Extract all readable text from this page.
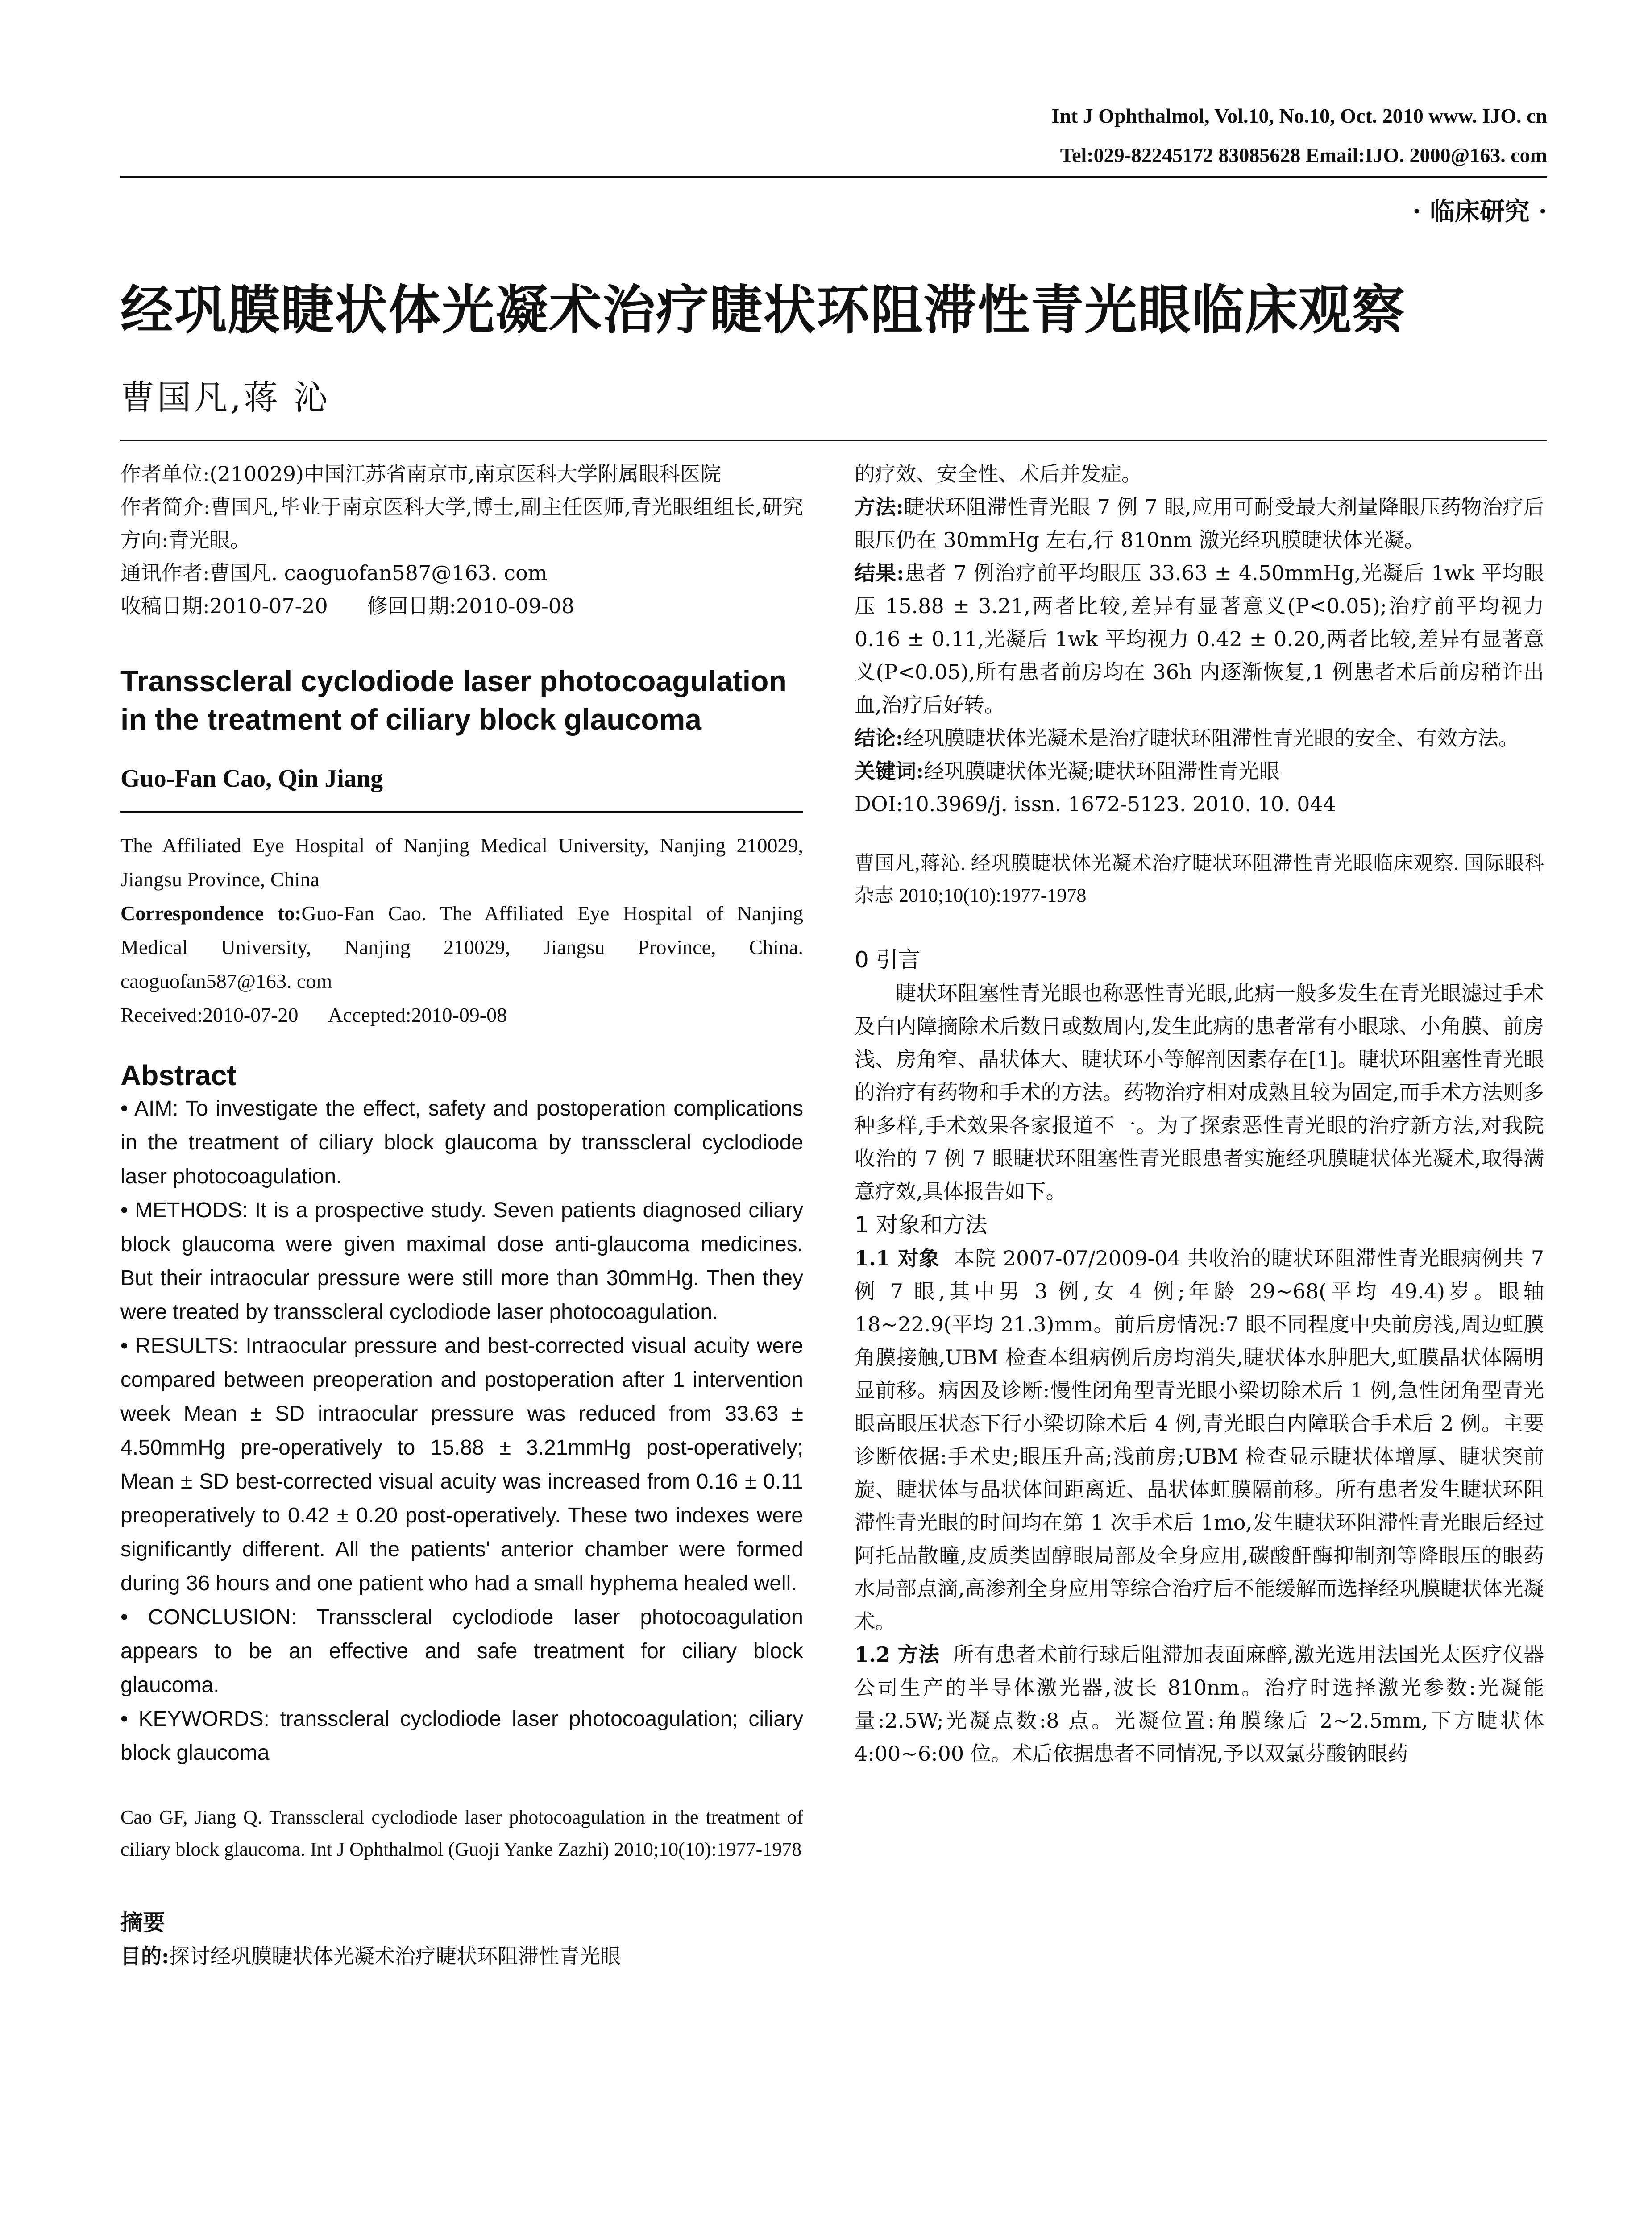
Int J Ophthalmol, Vol.10, No.10, Oct. 2010 www. IJO. cn
Tel:029-82245172 83085628 Email:IJO. 2000@163. com
· 临床研究 ·
经巩膜睫状体光凝术治疗睫状环阻滞性青光眼临床观察
曹国凡,蒋 沁

作者单位:(210029)中国江苏省南京市,南京医科大学附属眼科医院

作者简介:曹国凡,毕业于南京医科大学,博士,副主任医师,青光眼组组长,研究方向:青光眼。

通讯作者:曹国凡. caoguofan587@163. com

收稿日期:2010-07-20      修回日期:2010-09-08

Transscleral cyclodiode laser photocoagulation in the treatment of ciliary block glaucoma

Guo-Fan Cao, Qin Jiang

The Affiliated Eye Hospital of Nanjing Medical University, Nanjing 210029, Jiangsu Province, China

Correspondence to:Guo-Fan Cao. The Affiliated Eye Hospital of Nanjing Medical University, Nanjing 210029, Jiangsu Province, China. caoguofan587@163. com

Received:2010-07-20      Accepted:2010-09-08

Abstract

• AIM: To investigate the effect, safety and postoperation complications in the treatment of ciliary block glaucoma by transscleral cyclodiode laser photocoagulation.

• METHODS: It is a prospective study. Seven patients diagnosed ciliary block glaucoma were given maximal dose anti-glaucoma medicines. But their intraocular pressure were still more than 30mmHg. Then they were treated by transscleral cyclodiode laser photocoagulation.

• RESULTS: Intraocular pressure and best-corrected visual acuity were compared between preoperation and postoperation after 1 intervention week Mean ± SD intraocular pressure was reduced from 33.63 ± 4.50mmHg pre-operatively to 15.88 ± 3.21mmHg post-operatively; Mean ± SD best-corrected visual acuity was increased from 0.16 ± 0.11 preoperatively to 0.42 ± 0.20 post-operatively. These two indexes were significantly different. All the patients' anterior chamber were formed during 36 hours and one patient who had a small hyphema healed well.

• CONCLUSION: Transscleral cyclodiode laser photocoagulation appears to be an effective and safe treatment for ciliary block glaucoma.

• KEYWORDS: transscleral cyclodiode laser photocoagulation; ciliary block glaucoma

Cao GF, Jiang Q. Transscleral cyclodiode laser photocoagulation in the treatment of ciliary block glaucoma. Int J Ophthalmol (Guoji Yanke Zazhi) 2010;10(10):1977-1978

摘要

目的:探讨经巩膜睫状体光凝术治疗睫状环阻滞性青光眼

的疗效、安全性、术后并发症。

方法:睫状环阻滞性青光眼 7 例 7 眼,应用可耐受最大剂量降眼压药物治疗后眼压仍在 30mmHg 左右,行 810nm 激光经巩膜睫状体光凝。

结果:患者 7 例治疗前平均眼压 33.63 ± 4.50mmHg,光凝后 1wk 平均眼压 15.88 ± 3.21,两者比较,差异有显著意义(P<0.05);治疗前平均视力 0.16 ± 0.11,光凝后 1wk 平均视力 0.42 ± 0.20,两者比较,差异有显著意义(P<0.05),所有患者前房均在 36h 内逐渐恢复,1 例患者术后前房稍许出血,治疗后好转。

结论:经巩膜睫状体光凝术是治疗睫状环阻滞性青光眼的安全、有效方法。

关键词:经巩膜睫状体光凝;睫状环阻滞性青光眼

DOI:10.3969/j. issn. 1672-5123. 2010. 10. 044

曹国凡,蒋沁. 经巩膜睫状体光凝术治疗睫状环阻滞性青光眼临床观察. 国际眼科杂志 2010;10(10):1977-1978

0 引言

睫状环阻塞性青光眼也称恶性青光眼,此病一般多发生在青光眼滤过手术及白内障摘除术后数日或数周内,发生此病的患者常有小眼球、小角膜、前房浅、房角窄、晶状体大、睫状环小等解剖因素存在[1]。睫状环阻塞性青光眼的治疗有药物和手术的方法。药物治疗相对成熟且较为固定,而手术方法则多种多样,手术效果各家报道不一。为了探索恶性青光眼的治疗新方法,对我院收治的 7 例 7 眼睫状环阻塞性青光眼患者实施经巩膜睫状体光凝术,取得满意疗效,具体报告如下。

1 对象和方法

1.1 对象 本院 2007-07/2009-04 共收治的睫状环阻滞性青光眼病例共 7 例 7 眼,其中男 3 例,女 4 例;年龄 29~68(平均 49.4)岁。眼轴 18~22.9(平均 21.3)mm。前后房情况:7 眼不同程度中央前房浅,周边虹膜角膜接触,UBM 检查本组病例后房均消失,睫状体水肿肥大,虹膜晶状体隔明显前移。病因及诊断:慢性闭角型青光眼小梁切除术后 1 例,急性闭角型青光眼高眼压状态下行小梁切除术后 4 例,青光眼白内障联合手术后 2 例。主要诊断依据:手术史;眼压升高;浅前房;UBM 检查显示睫状体增厚、睫状突前旋、睫状体与晶状体间距离近、晶状体虹膜隔前移。所有患者发生睫状环阻滞性青光眼的时间均在第 1 次手术后 1mo,发生睫状环阻滞性青光眼后经过阿托品散瞳,皮质类固醇眼局部及全身应用,碳酸酐酶抑制剂等降眼压的眼药水局部点滴,高渗剂全身应用等综合治疗后不能缓解而选择经巩膜睫状体光凝术。

1.2 方法 所有患者术前行球后阻滞加表面麻醉,激光选用法国光太医疗仪器公司生产的半导体激光器,波长 810nm。治疗时选择激光参数:光凝能量:2.5W;光凝点数:8 点。光凝位置:角膜缘后 2~2.5mm,下方睫状体 4:00~6:00 位。术后依据患者不同情况,予以双氯芬酸钠眼药
